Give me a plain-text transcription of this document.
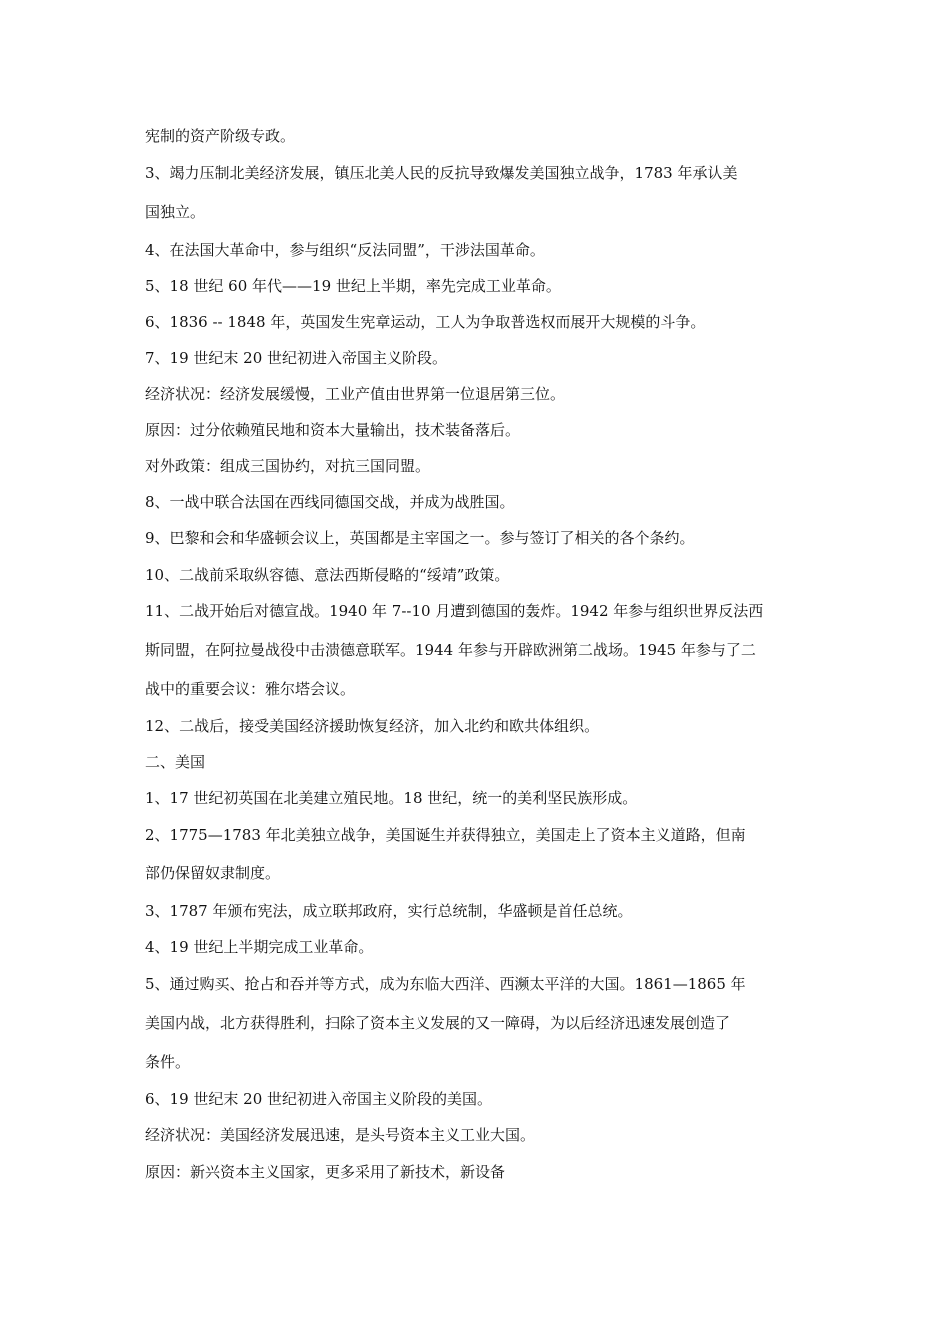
宪制的资产阶级专政。
3、竭力压制北美经济发展，镇压北美人民的反抗导致爆发美国独立战争，1783 年承认美
国独立。
4、在法国大革命中，参与组织“反法同盟”，干涉法国革命。
5、18 世纪 60 年代——19 世纪上半期，率先完成工业革命。
6、1836 -- 1848 年，英国发生宪章运动，工人为争取普选权而展开大规模的斗争。
7、19 世纪末 20 世纪初进入帝国主义阶段。
经济状况：经济发展缓慢，工业产值由世界第一位退居第三位。
原因：过分依赖殖民地和资本大量输出，技术装备落后。
对外政策：组成三国协约，对抗三国同盟。
8、一战中联合法国在西线同德国交战，并成为战胜国。
9、巴黎和会和华盛顿会议上，英国都是主宰国之一。参与签订了相关的各个条约。
10、二战前采取纵容德、意法西斯侵略的“绥靖”政策。
11、二战开始后对德宣战。1940 年 7--10 月遭到德国的轰炸。1942 年参与组织世界反法西
斯同盟，在阿拉曼战役中击溃德意联军。1944 年参与开辟欧洲第二战场。1945 年参与了二
战中的重要会议：雅尔塔会议。
12、二战后，接受美国经济援助恢复经济，加入北约和欧共体组织。
二、美国
1、17 世纪初英国在北美建立殖民地。18 世纪，统一的美利坚民族形成。
2、1775—1783 年北美独立战争，美国诞生并获得独立，美国走上了资本主义道路，但南
部仍保留奴隶制度。
3、1787 年颁布宪法，成立联邦政府，实行总统制，华盛顿是首任总统。
4、19 世纪上半期完成工业革命。
5、通过购买、抢占和吞并等方式，成为东临大西洋、西濒太平洋的大国。1861—1865 年
美国内战，北方获得胜利，扫除了资本主义发展的又一障碍，为以后经济迅速发展创造了
条件。
6、19 世纪末 20 世纪初进入帝国主义阶段的美国。
经济状况：美国经济发展迅速，是头号资本主义工业大国。
原因：新兴资本主义国家，更多采用了新技术，新设备
